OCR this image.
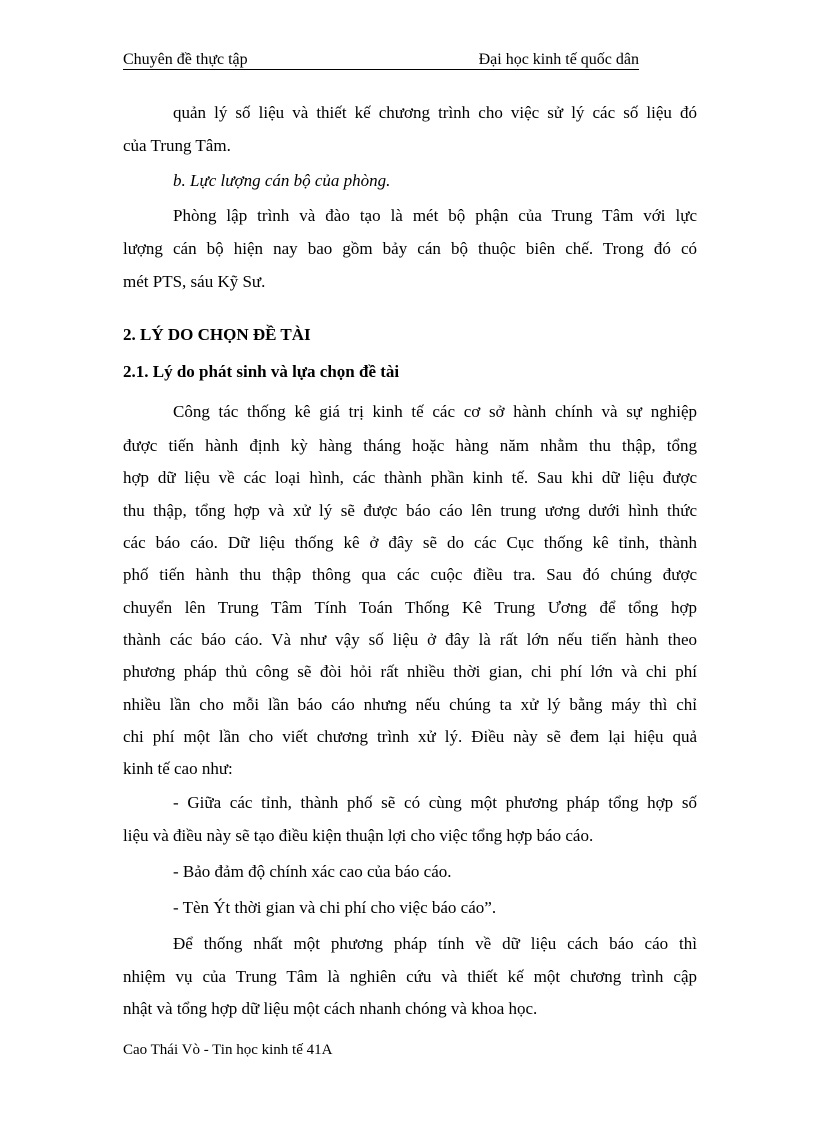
Chuyên đề thực tập	Đại học kinh tế quốc dân
quản lý số liệu và thiết kế chương trình cho việc sử lý các số liệu đó
của Trung Tâm.
b. Lực lượng cán bộ của phòng.
Phòng lập trình và đào tạo là mét bộ phận của Trung Tâm với lực
lượng cán bộ hiện nay bao gồm bảy cán bộ thuộc biên chế. Trong đó có
mét PTS, sáu Kỹ Sư.
2. LÝ DO CHỌN ĐỀ TÀI
2.1. Lý do phát sinh và lựa chọn đề tài
Công tác thống kê giá trị kinh tế các cơ sở hành chính và sự nghiệp
được tiến hành định kỳ hàng tháng hoặc hàng năm nhằm thu thập, tổng
hợp dữ liệu về các loại hình, các thành phần kinh tế. Sau khi dữ liệu được
thu thập, tổng hợp và xử lý sẽ được báo cáo lên trung ương dưới hình thức
các báo cáo. Dữ liệu thống kê ở đây sẽ do các Cục thống kê tỉnh, thành
phố tiến hành thu thập thông qua các cuộc điều tra. Sau đó chúng được
chuyển lên Trung Tâm Tính Toán Thống Kê Trung Ương để tổng hợp
thành các báo cáo. Và như vậy số liệu ở đây là rất lớn nếu tiến hành theo
phương pháp thủ công sẽ đòi hỏi rất nhiều thời gian, chi phí lớn và chi phí
nhiều lần cho mỗi lần báo cáo nhưng nếu chúng ta xử lý bằng máy thì chỉ
chi phí một lần cho viết chương trình xử lý. Điều này sẽ đem lại hiệu quả
kinh tế cao như:
- Giữa các tỉnh, thành phố sẽ có cùng một phương pháp tổng hợp số
liệu và điều này sẽ tạo điều kiện thuận lợi cho việc tổng hợp báo cáo.
- Bảo đảm độ chính xác cao của báo cáo.
- Tèn Ýt thời gian và chi phí cho việc báo cáo”.
Để thống nhất một phương pháp tính về dữ liệu cách báo cáo thì
nhiệm vụ của Trung Tâm là nghiên cứu và thiết kế một chương trình cập
nhật và tổng hợp dữ liệu một cách nhanh chóng và khoa học.
Cao Thái Vò - Tin học kinh tế 41A
